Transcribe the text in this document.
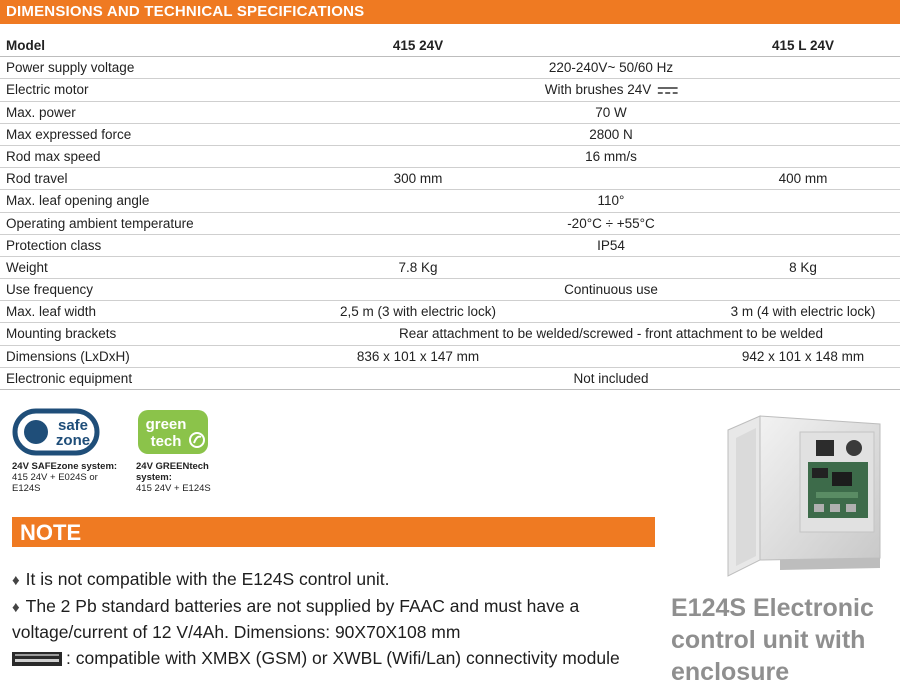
DIMENSIONS AND TECHNICAL SPECIFICATIONS
Model	415 24V	415 L 24V
Power supply voltage	220-240V~ 50/60 Hz
Electric motor	With brushes 24V
Max. power	70 W
Max expressed force	2800 N
Rod max speed	16 mm/s
Rod travel	300 mm	400 mm
Max. leaf opening angle	110°
Operating ambient temperature	-20°C ÷ +55°C
Protection class	IP54
Weight	7.8 Kg	8 Kg
Use frequency	Continuous use
Max. leaf width	2,5 m (3 with electric lock)	3 m (4 with electric lock)
Mounting brackets	Rear attachment to be welded/screwed - front attachment to be welded
Dimensions (LxDxH)	836 x 101 x 147 mm	942 x 101 x 148 mm
Electronic equipment	Not included
safe
zone
24V SAFEzone system:
415 24V + E024S or E124S
green
tech
24V GREENtech system:
415 24V + E124S
NOTE
♦ It is not compatible with the E124S control unit.
♦ The 2 Pb standard batteries are not supplied by FAAC and must have a
voltage/current of 12 V/4Ah. Dimensions: 90X70X108 mm
: compatible with XMBX (GSM) or XWBL (Wifi/Lan) connectivity module
E124S Electronic control unit with enclosure
